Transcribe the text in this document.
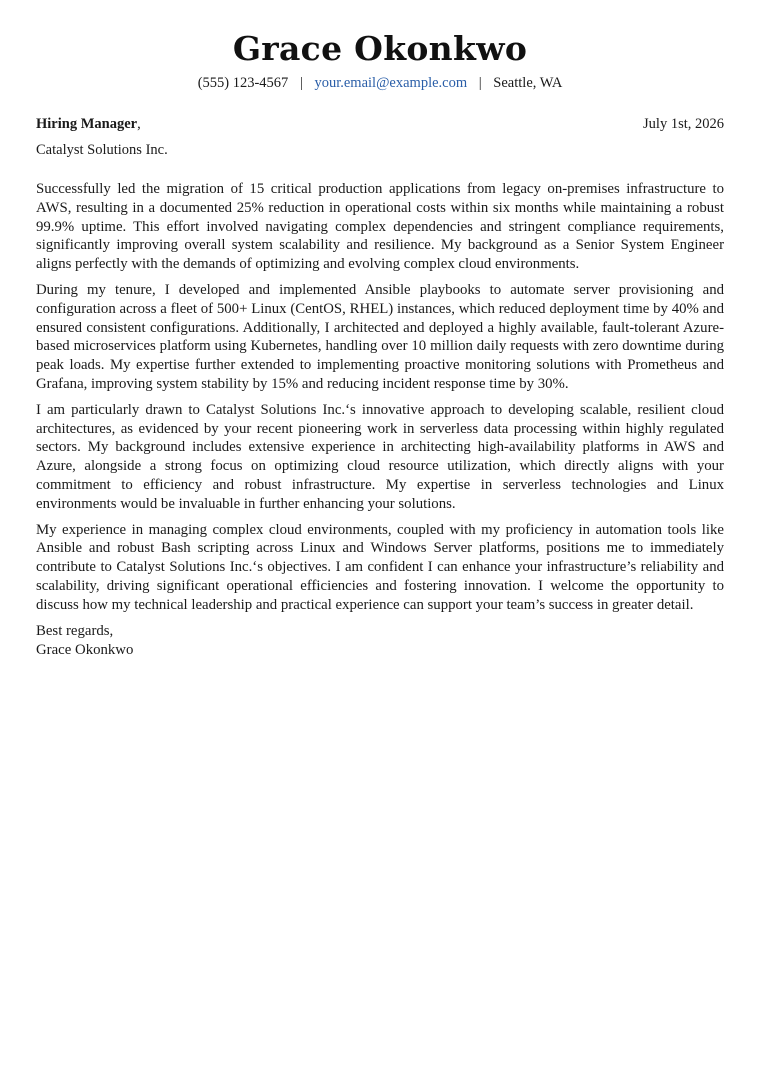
Grace Okonkwo
(555) 123-4567 | your.email@example.com | Seattle, WA
Hiring Manager,	July 1st, 2026
Catalyst Solutions Inc.

Successfully led the migration of 15 critical production applications from legacy on-premises infrastructure to AWS, resulting in a documented 25% reduction in operational costs within six months while maintaining a robust 99.9% uptime. This effort involved navigating complex dependencies and stringent compliance requirements, significantly improving overall system scalability and resilience. My background as a Senior System Engineer aligns perfectly with the demands of optimizing and evolving complex cloud environments.

During my tenure, I developed and implemented Ansible playbooks to automate server provisioning and configuration across a fleet of 500+ Linux (CentOS, RHEL) instances, which reduced deployment time by 40% and ensured consistent configurations. Additionally, I architected and deployed a highly available, fault-tolerant Azure-based microservices platform using Kubernetes, handling over 10 million daily requests with zero downtime during peak loads. My expertise further extended to implementing proactive monitoring solutions with Prometheus and Grafana, improving system stability by 15% and reducing incident response time by 30%.

I am particularly drawn to Catalyst Solutions Inc.‘s innovative approach to developing scalable, resilient cloud architectures, as evidenced by your recent pioneering work in serverless data processing within highly regulated sectors. My background includes extensive experience in architecting high-availability platforms in AWS and Azure, alongside a strong focus on optimizing cloud resource utilization, which directly aligns with your commitment to efficiency and robust infrastructure. My expertise in serverless technologies and Linux environments would be invaluable in further enhancing your solutions.

My experience in managing complex cloud environments, coupled with my proficiency in automation tools like Ansible and robust Bash scripting across Linux and Windows Server platforms, positions me to immediately contribute to Catalyst Solutions Inc.‘s objectives. I am confident I can enhance your infrastructure’s reliability and scalability, driving significant operational efficiencies and fostering innovation. I welcome the opportunity to discuss how my technical leadership and practical experience can support your team’s success in greater detail.

Best regards,
Grace Okonkwo
